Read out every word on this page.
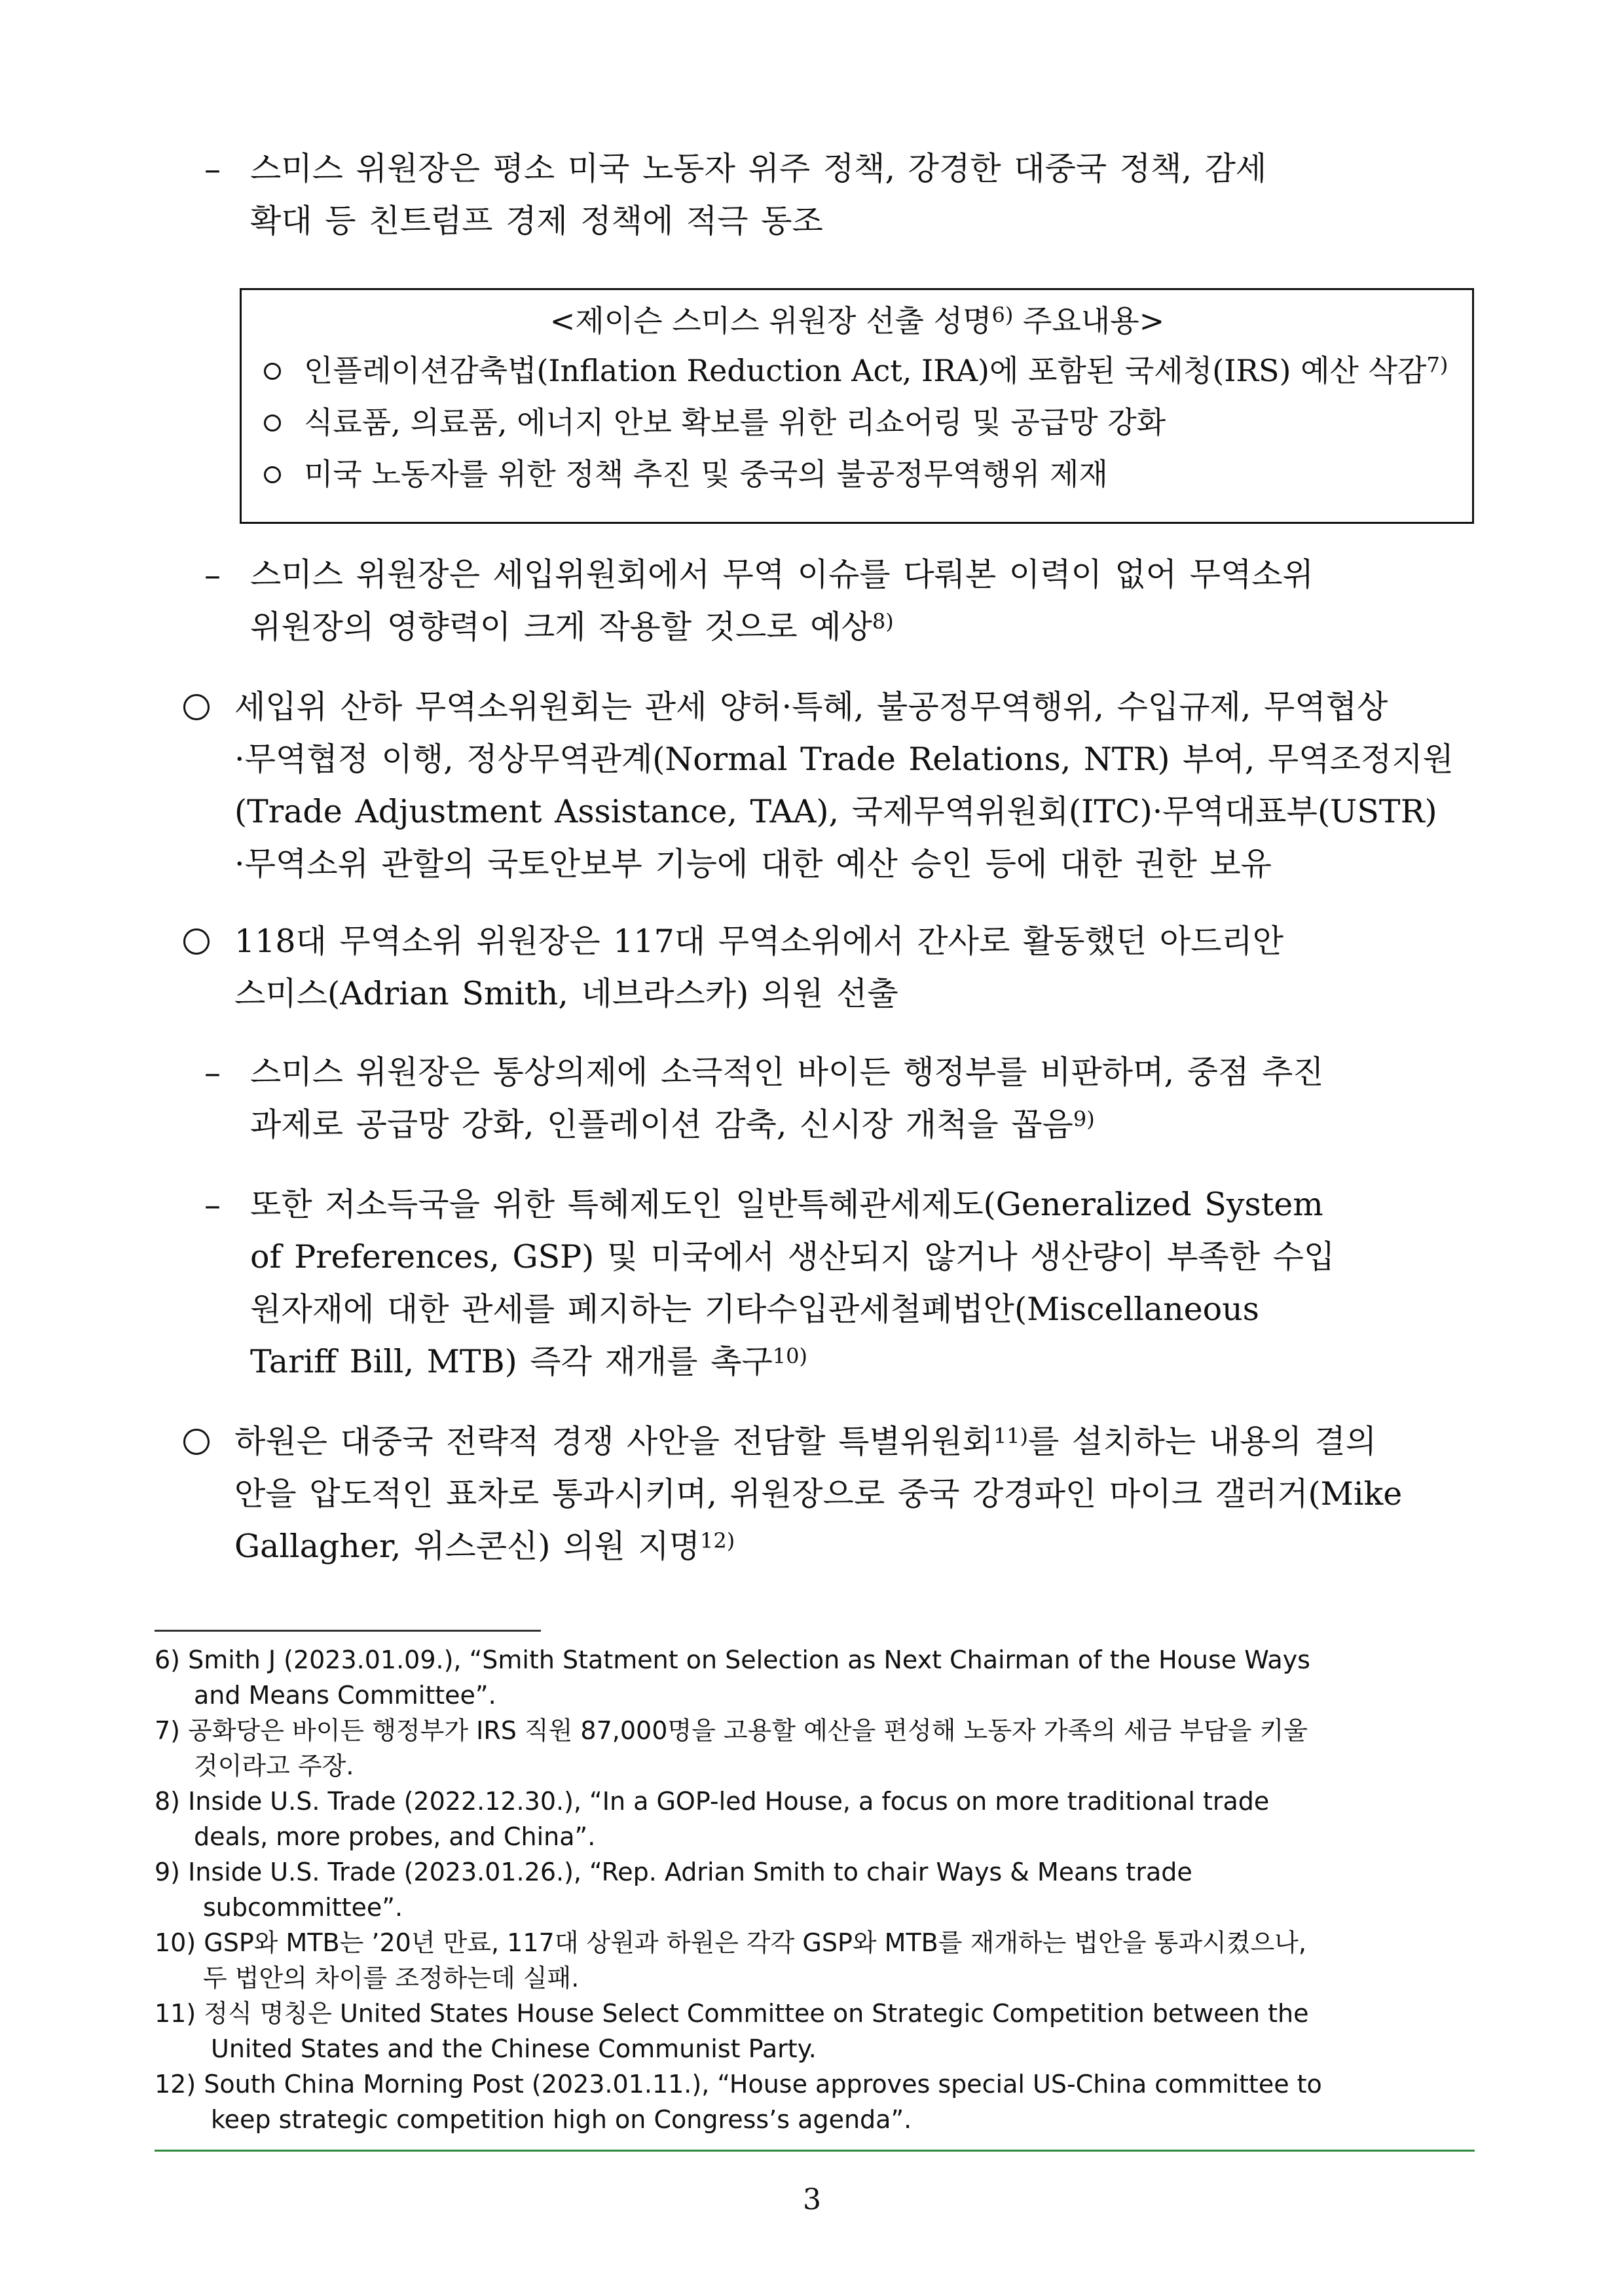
– 스미스 위원장은 평소 미국 노동자 위주 정책, 강경한 대중국 정책, 감세
확대 등 친트럼프 경제 정책에 적극 동조
<제이슨 스미스 위원장 선출 성명$^{6)}$ 주요내용>
인플레이션감축법(Inflation Reduction Act, IRA)에 포함된 국세청(IRS) 예산 삭감$^{7)}$
식료품, 의료품, 에너지 안보 확보를 위한 리쇼어링 및 공급망 강화
미국 노동자를 위한 정책 추진 및 중국의 불공정무역행위 제재
– 스미스 위원장은 세입위원회에서 무역 이슈를 다뤄본 이력이 없어 무역소위
위원장의 영향력이 크게 작용할 것으로 예상$^{8)}$
세입위 산하 무역소위원회는 관세 양허·특혜, 불공정무역행위, 수입규제, 무역협상
·무역협정 이행, 정상무역관계(Normal Trade Relations, NTR) 부여, 무역조정지원
(Trade Adjustment Assistance, TAA), 국제무역위원회(ITC)·무역대표부(USTR)
·무역소위 관할의 국토안보부 기능에 대한 예산 승인 등에 대한 권한 보유
118대 무역소위 위원장은 117대 무역소위에서 간사로 활동했던 아드리안
스미스(Adrian Smith, 네브라스카) 의원 선출
– 스미스 위원장은 통상의제에 소극적인 바이든 행정부를 비판하며, 중점 추진
과제로 공급망 강화, 인플레이션 감축, 신시장 개척을 꼽음$^{9)}$
– 또한 저소득국을 위한 특혜제도인 일반특혜관세제도(Generalized System
of Preferences, GSP) 및 미국에서 생산되지 않거나 생산량이 부족한 수입
원자재에 대한 관세를 폐지하는 기타수입관세철폐법안(Miscellaneous
Tariff Bill, MTB) 즉각 재개를 촉구$^{10)}$
하원은 대중국 전략적 경쟁 사안을 전담할 특별위원회$^{11)}$를 설치하는 내용의 결의
안을 압도적인 표차로 통과시키며, 위원장으로 중국 강경파인 마이크 갤러거(Mike
Gallagher, 위스콘신) 의원 지명$^{12)}$
6) Smith J (2023.01.09.), “Smith Statment on Selection as Next Chairman of the House Ways
and Means Committee”.
7) 공화당은 바이든 행정부가 IRS 직원 87,000명을 고용할 예산을 편성해 노동자 가족의 세금 부담을 키울
것이라고 주장.
8) Inside U.S. Trade (2022.12.30.), “In a GOP-led House, a focus on more traditional trade
deals, more probes, and China”.
9) Inside U.S. Trade (2023.01.26.), “Rep. Adrian Smith to chair Ways & Means trade
subcommittee”.
10) GSP와 MTB는 ’20년 만료, 117대 상원과 하원은 각각 GSP와 MTB를 재개하는 법안을 통과시켰으나,
두 법안의 차이를 조정하는데 실패.
11) 정식 명칭은 United States House Select Committee on Strategic Competition between the
United States and the Chinese Communist Party.
12) South China Morning Post (2023.01.11.), “House approves special US-China committee to
keep strategic competition high on Congress’s agenda”.
3
